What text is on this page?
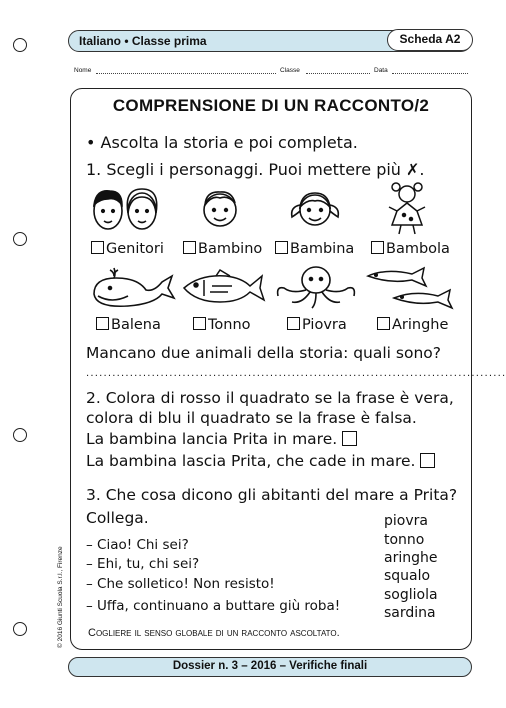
Italiano • Classe prima	Scheda A2
Nome	Classe	Data
COMPRENSIONE DI UN RACCONTO/2
• Ascolta la storia e poi completa.
1. Scegli i personaggi. Puoi mettere più ✗.
Genitori	Bambino	Bambina	Bambola
Balena	Tonno	Piovra	Aringhe
Mancano due animali della storia: quali sono?
................................................................................................
2. Colora di rosso il quadrato se la frase è vera,
colora di blu il quadrato se la frase è falsa.
La bambina lancia Prita in mare.
La bambina lascia Prita, che cade in mare.
3. Che cosa dicono gli abitanti del mare a Prita?
Collega.
– Ciao! Chi sei?
– Ehi, tu, chi sei?
– Che solletico! Non resisto!
– Uffa, continuano a buttare giù roba!
piovra
tonno
aringhe
squalo
sogliola
sardina
Cogliere il senso globale di un racconto ascoltato.
© 2016 Giunti Scuola S.r.l., Firenze
Dossier n. 3 – 2016 – Verifiche finali
